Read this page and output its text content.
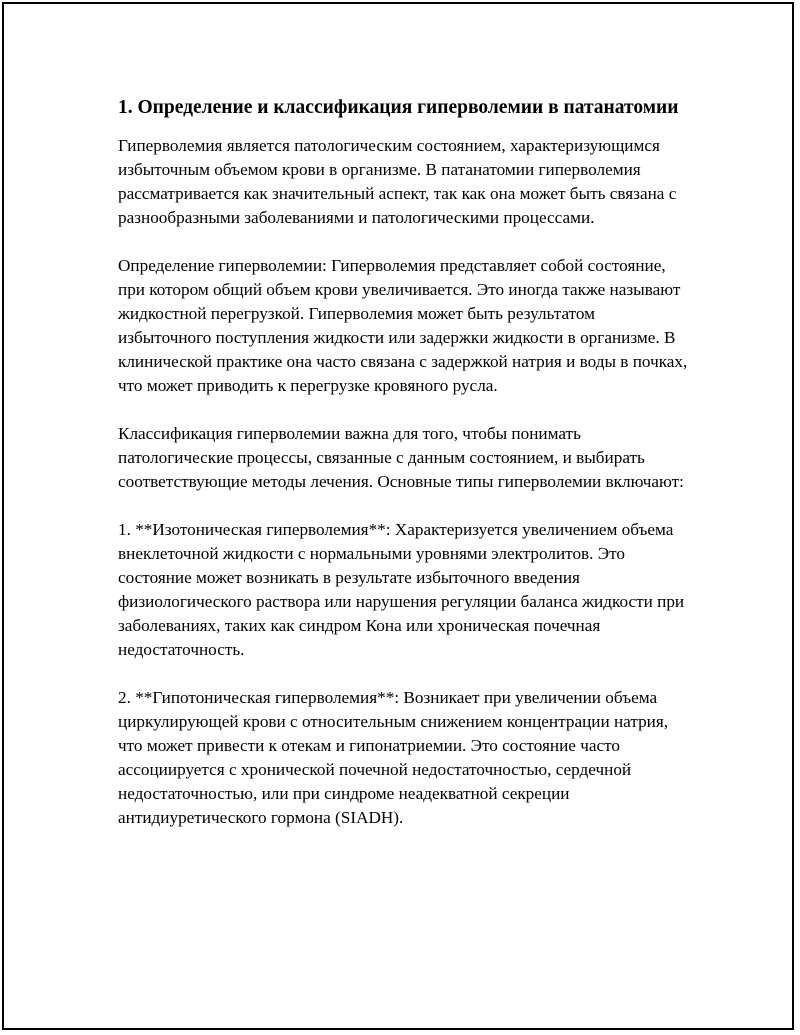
1. Определение и классификация гиперволемии в патанатомии

Гиперволемия является патологическим состоянием, характеризующимся избыточным объемом крови в организме. В патанатомии гиперволемия рассматривается как значительный аспект, так как она может быть связана с разнообразными заболеваниями и патологическими процессами.

Определение гиперволемии: Гиперволемия представляет собой состояние, при котором общий объем крови увеличивается. Это иногда также называют жидкостной перегрузкой. Гиперволемия может быть результатом избыточного поступления жидкости или задержки жидкости в организме. В клинической практике она часто связана с задержкой натрия и воды в почках, что может приводить к перегрузке кровяного русла.

Классификация гиперволемии важна для того, чтобы понимать патологические процессы, связанные с данным состоянием, и выбирать соответствующие методы лечения. Основные типы гиперволемии включают:

1. **Изотоническая гиперволемия**: Характеризуется увеличением объема внеклеточной жидкости с нормальными уровнями электролитов. Это состояние может возникать в результате избыточного введения физиологического раствора или нарушения регуляции баланса жидкости при заболеваниях, таких как синдром Кона или хроническая почечная недостаточность.

2. **Гипотоническая гиперволемия**: Возникает при увеличении объема циркулирующей крови с относительным снижением концентрации натрия, что может привести к отекам и гипонатриемии. Это состояние часто ассоциируется с хронической почечной недостаточностью, сердечной недостаточностью, или при синдроме неадекватной секреции антидиуретического гормона (SIADH).
